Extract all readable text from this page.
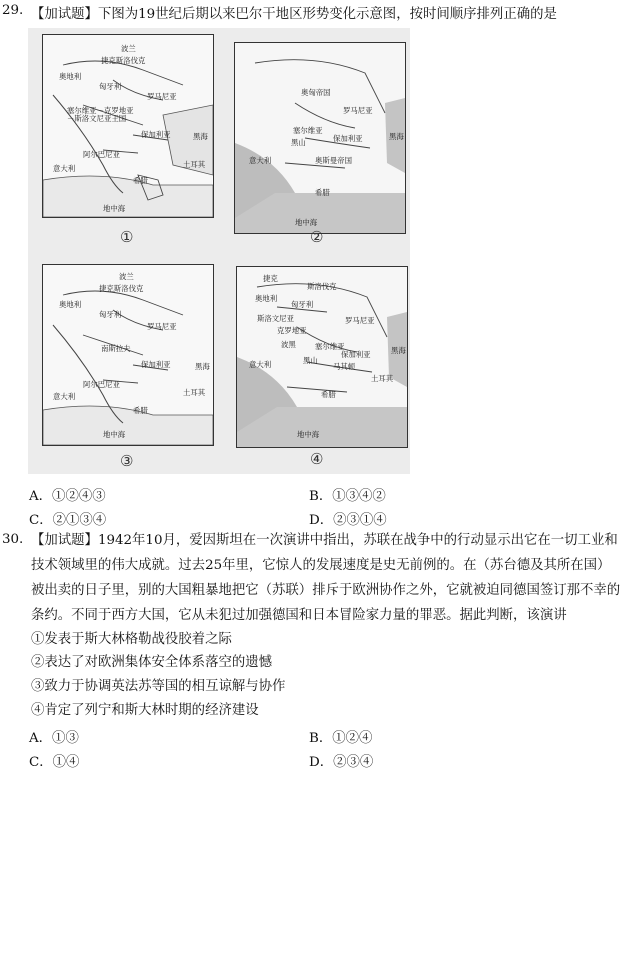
29. 【加试题】下图为19世纪后期以来巴尔干地区形势变化示意图，按时间顺序排列正确的是
波兰
捷克斯洛伐克
奥地利
匈牙利
罗马尼亚
塞尔维亚－克罗地亚－斯洛文尼亚王国
保加利亚
阿尔巴尼亚
土耳其
意大利
希腊
黑海
地中海
①
奥匈帝国
罗马尼亚
塞尔维亚
黑山	保加利亚
奥斯曼帝国
意大利
希腊
黑海
地中海
②
波兰
捷克斯洛伐克
奥地利
匈牙利
罗马尼亚
南斯拉夫
保加利亚
阿尔巴尼亚
土耳其
意大利
希腊
黑海
地中海
③
捷克
斯洛伐克
奥地利
匈牙利
罗马尼亚
斯洛文尼亚
克罗地亚
波黑	塞尔维亚
黑山
马其顿
保加利亚
意大利
土耳其
希腊
黑海
地中海
④
A．①②④③	B．①③④②
C．②①③④	D．②③①④
30. 【加试题】1942年10月，爱因斯坦在一次演讲中指出，苏联在战争中的行动显示出它在一切工业和
技术领域里的伟大成就。过去25年里，它惊人的发展速度是史无前例的。在（苏台德及其所在国）
被出卖的日子里，别的大国粗暴地把它（苏联）排斥于欧洲协作之外，它就被迫同德国签订那不幸的
条约。不同于西方大国，它从未犯过加强德国和日本冒险家力量的罪恶。据此判断，该演讲
①发表于斯大林格勒战役胶着之际
②表达了对欧洲集体安全体系落空的遗憾
③致力于协调英法苏等国的相互谅解与协作
④肯定了列宁和斯大林时期的经济建设
A．①③	B．①②④
C．①④	D．②③④
